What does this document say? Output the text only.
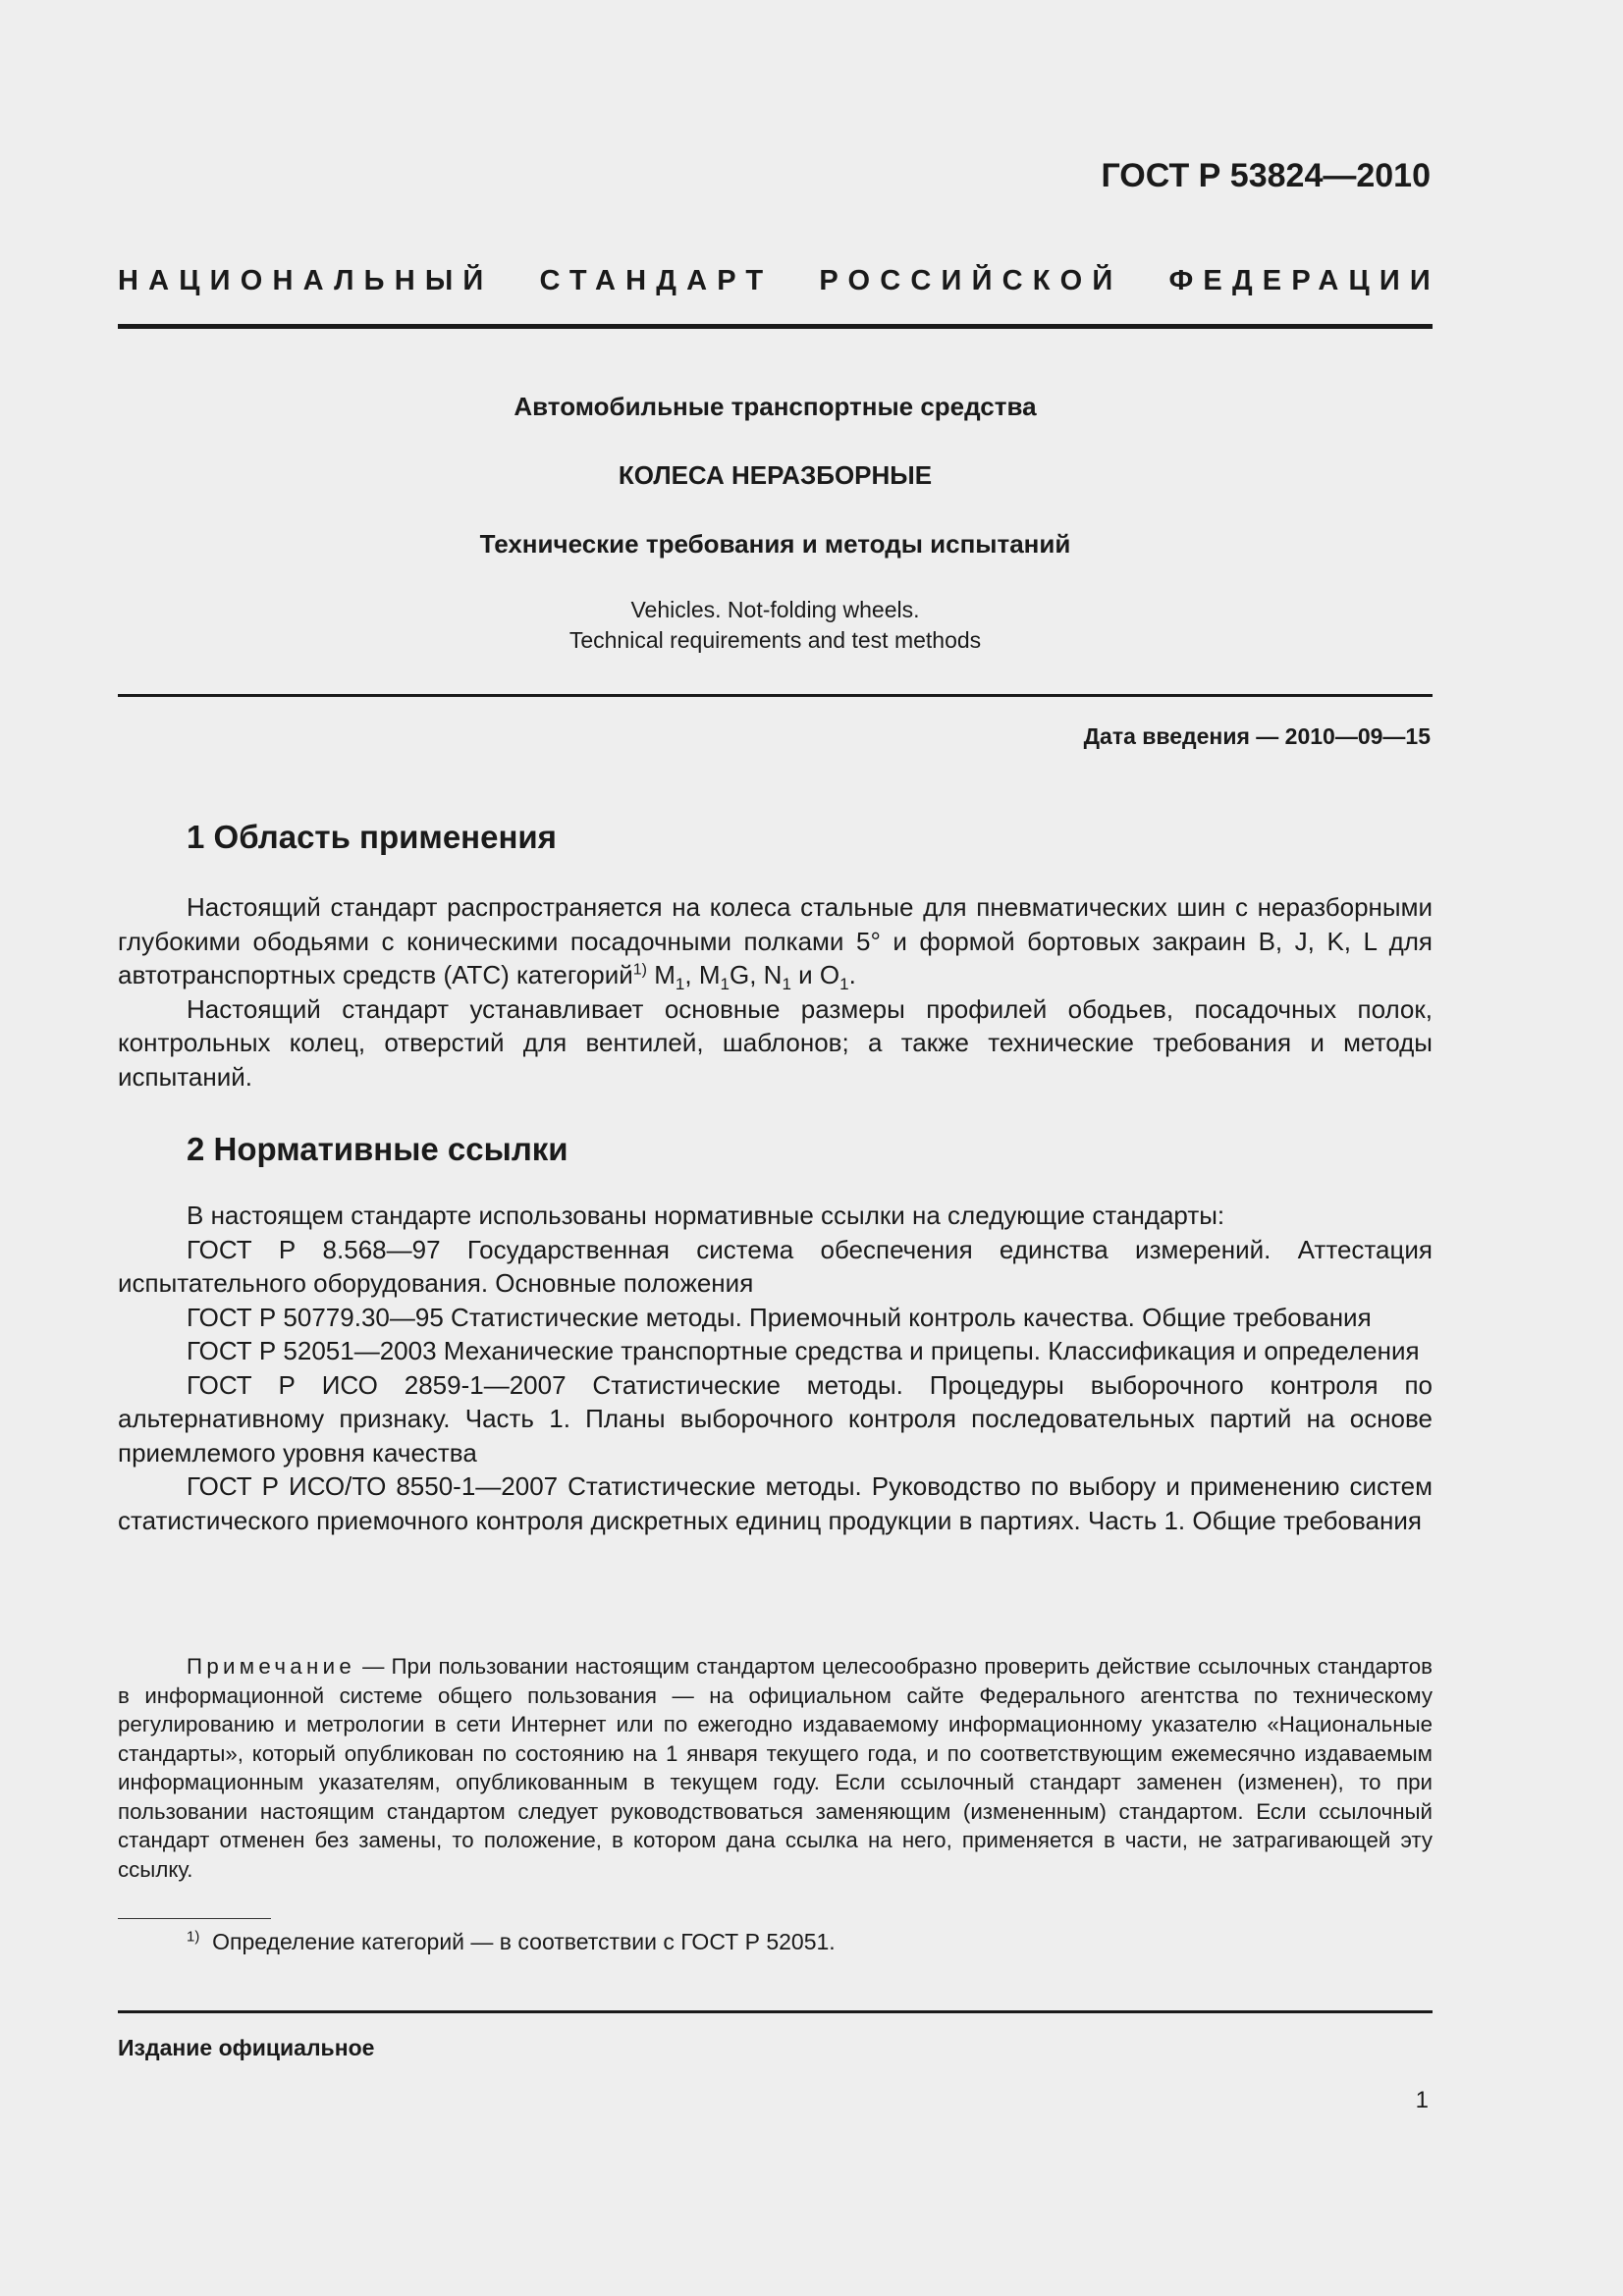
ГОСТ Р 53824—2010
НАЦИОНАЛЬНЫЙ СТАНДАРТ РОССИЙСКОЙ ФЕДЕРАЦИИ
Автомобильные транспортные средства
КОЛЕСА НЕРАЗБОРНЫЕ
Технические требования и методы испытаний
Vehicles. Not-folding wheels.
Technical requirements and test methods
Дата введения — 2010—09—15
1 Область применения

Настоящий стандарт распространяется на колеса стальные для пневматических шин с неразборными глубокими ободьями с коническими посадочными полками 5° и формой бортовых закраин B, J, K, L для автотранспортных средств (АТС) категорий$^{1)}$ $M_1$, $M_1G$, $N_1$ и $O_1$.

Настоящий стандарт устанавливает основные размеры профилей ободьев, посадочных полок, контрольных колец, отверстий для вентилей, шаблонов; а также технические требования и методы испытаний.

2 Нормативные ссылки

В настоящем стандарте использованы нормативные ссылки на следующие стандарты:

ГОСТ Р 8.568—97 Государственная система обеспечения единства измерений. Аттестация испытательного оборудования. Основные положения

ГОСТ Р 50779.30—95 Статистические методы. Приемочный контроль качества. Общие требования

ГОСТ Р 52051—2003 Механические транспортные средства и прицепы. Классификация и определения

ГОСТ Р ИСО 2859-1—2007 Статистические методы. Процедуры выборочного контроля по альтернативному признаку. Часть 1. Планы выборочного контроля последовательных партий на основе приемлемого уровня качества

ГОСТ Р ИСО/ТО 8550-1—2007 Статистические методы. Руководство по выбору и применению систем статистического приемочного контроля дискретных единиц продукции в партиях. Часть 1. Общие требования

Примечание — При пользовании настоящим стандартом целесообразно проверить действие ссылочных стандартов в информационной системе общего пользования — на официальном сайте Федерального агентства по техническому регулированию и метрологии в сети Интернет или по ежегодно издаваемому информационному указателю «Национальные стандарты», который опубликован по состоянию на 1 января текущего года, и по соответствующим ежемесячно издаваемым информационным указателям, опубликованным в текущем году. Если ссылочный стандарт заменен (изменен), то при пользовании настоящим стандартом следует руководствоваться заменяющим (измененным) стандартом. Если ссылочный стандарт отменен без замены, то положение, в котором дана ссылка на него, применяется в части, не затрагивающей эту ссылку.

$^{1)}$  Определение категорий — в соответствии с ГОСТ Р 52051.
Издание официальное
1
